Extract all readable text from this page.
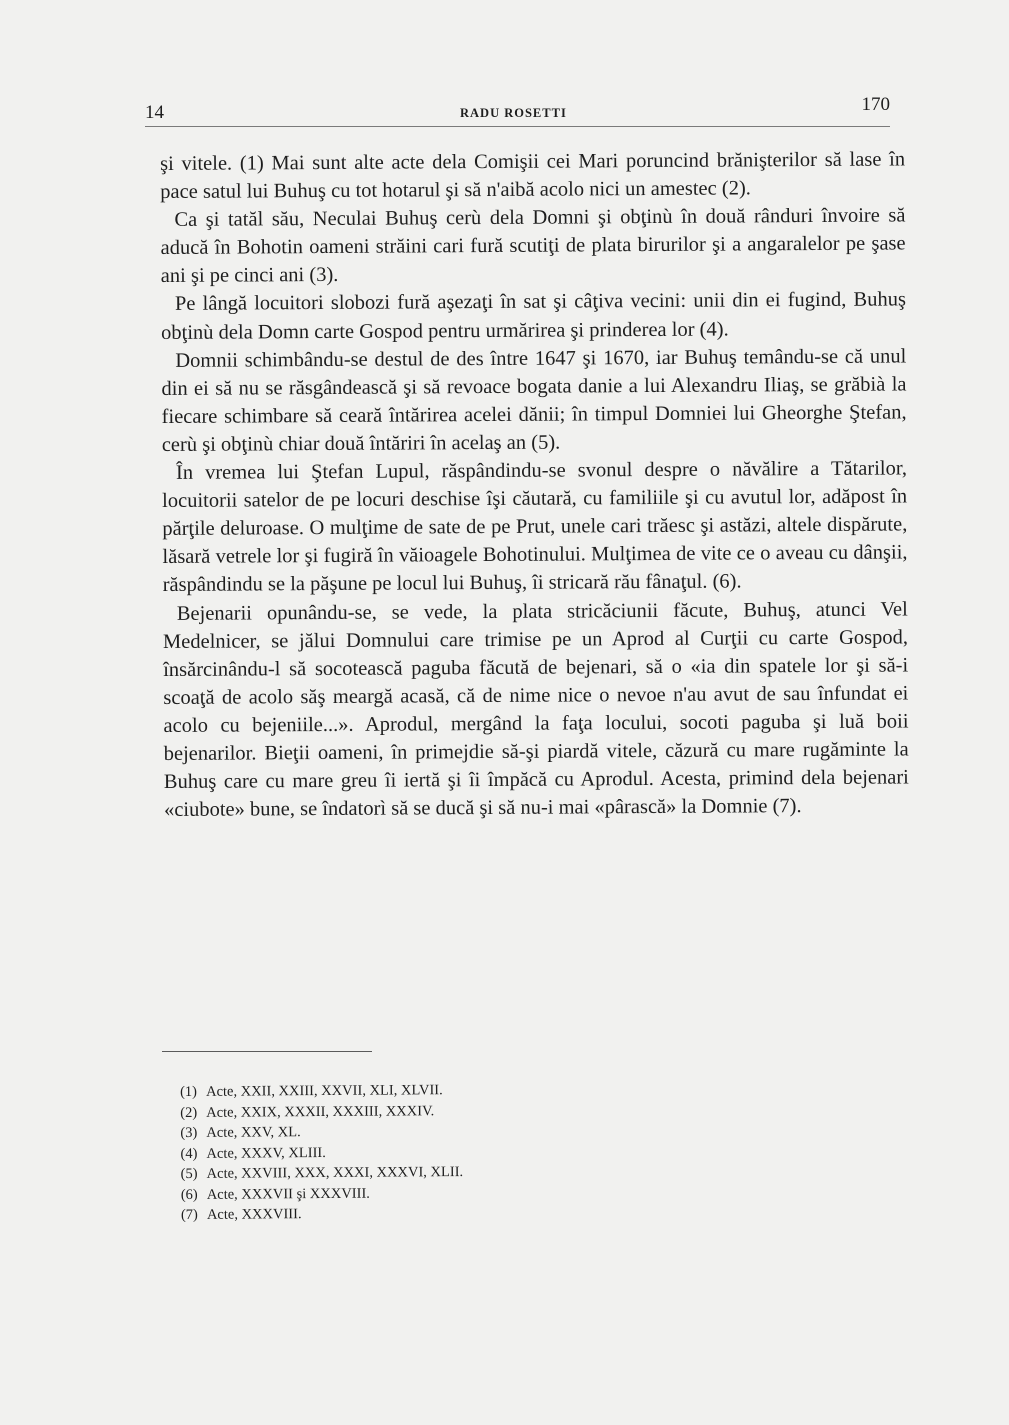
14	RADU ROSETTI	170

şi vitele. (1) Mai sunt alte acte dela Comişii cei Mari poruncind brănişterilor să lase în pace satul lui Buhuş cu tot hotarul şi să n'aibă acolo nici un amestec (2).

Ca şi tatăl său, Neculai Buhuş cerù dela Domni şi obţinù în două rânduri învoire să aducă în Bohotin oameni străini cari fură scutiţi de plata birurilor şi a angaralelor pe şase ani şi pe cinci ani (3).

Pe lângă locuitori slobozi fură aşezaţi în sat şi câţiva vecini: unii din ei fugind, Buhuş obţinù dela Domn carte Gospod pentru urmărirea şi prinderea lor (4).

Domnii schimbându-se destul de des între 1647 şi 1670, iar Buhuş temându-se că unul din ei să nu se răsgândească şi să revoace bogata danie a lui Alexandru Iliaş, se grăbià la fiecare schimbare să ceară întărirea acelei dănii; în timpul Domniei lui Gheorghe Ştefan, cerù şi obţinù chiar două întăriri în acelaş an (5).

În vremea lui Ştefan Lupul, răspândindu-se svonul despre o năvălire a Tătarilor, locuitorii satelor de pe locuri deschise îşi căutară, cu familiile şi cu avutul lor, adăpost în părţile deluroase. O mulţime de sate de pe Prut, unele cari trăesc şi astăzi, altele dispărute, lăsară vetrele lor şi fugiră în văioagele Bohotinului. Mulţimea de vite ce o aveau cu dânşii, răspândindu se la păşune pe locul lui Buhuş, îi stricară rău fânaţul. (6).

Bejenarii opunându-se, se vede, la plata stricăciunii făcute, Buhuş, atunci Vel Medelnicer, se jălui Domnului care trimise pe un Aprod al Curţii cu carte Gospod, însărcinându-l să socotească paguba făcută de bejenari, să o «ia din spatele lor şi să-i scoaţă de acolo săş meargă acasă, că de nime nice o nevoe n'au avut de sau înfundat ei acolo cu bejeniile...». Aprodul, mergând la faţa locului, socoti paguba şi luă boii bejenarilor. Bieţii oameni, în primejdie să-şi piardă vitele, căzură cu mare rugăminte la Buhuş care cu mare greu îi iertă şi îi împăcă cu Aprodul. Acesta, primind dela bejenari «ciubote» bune, se îndatorì să se ducă şi să nu-i mai «pârască» la Domnie (7).

(1) Acte, XXII, XXIII, XXVII, XLI, XLVII.
(2) Acte, XXIX, XXXII, XXXIII, XXXIV.
(3) Acte, XXV, XL.
(4) Acte, XXXV, XLIII.
(5) Acte, XXVIII, XXX, XXXI, XXXVI, XLII.
(6) Acte, XXXVII şi XXXVIII.
(7) Acte, XXXVIII.
